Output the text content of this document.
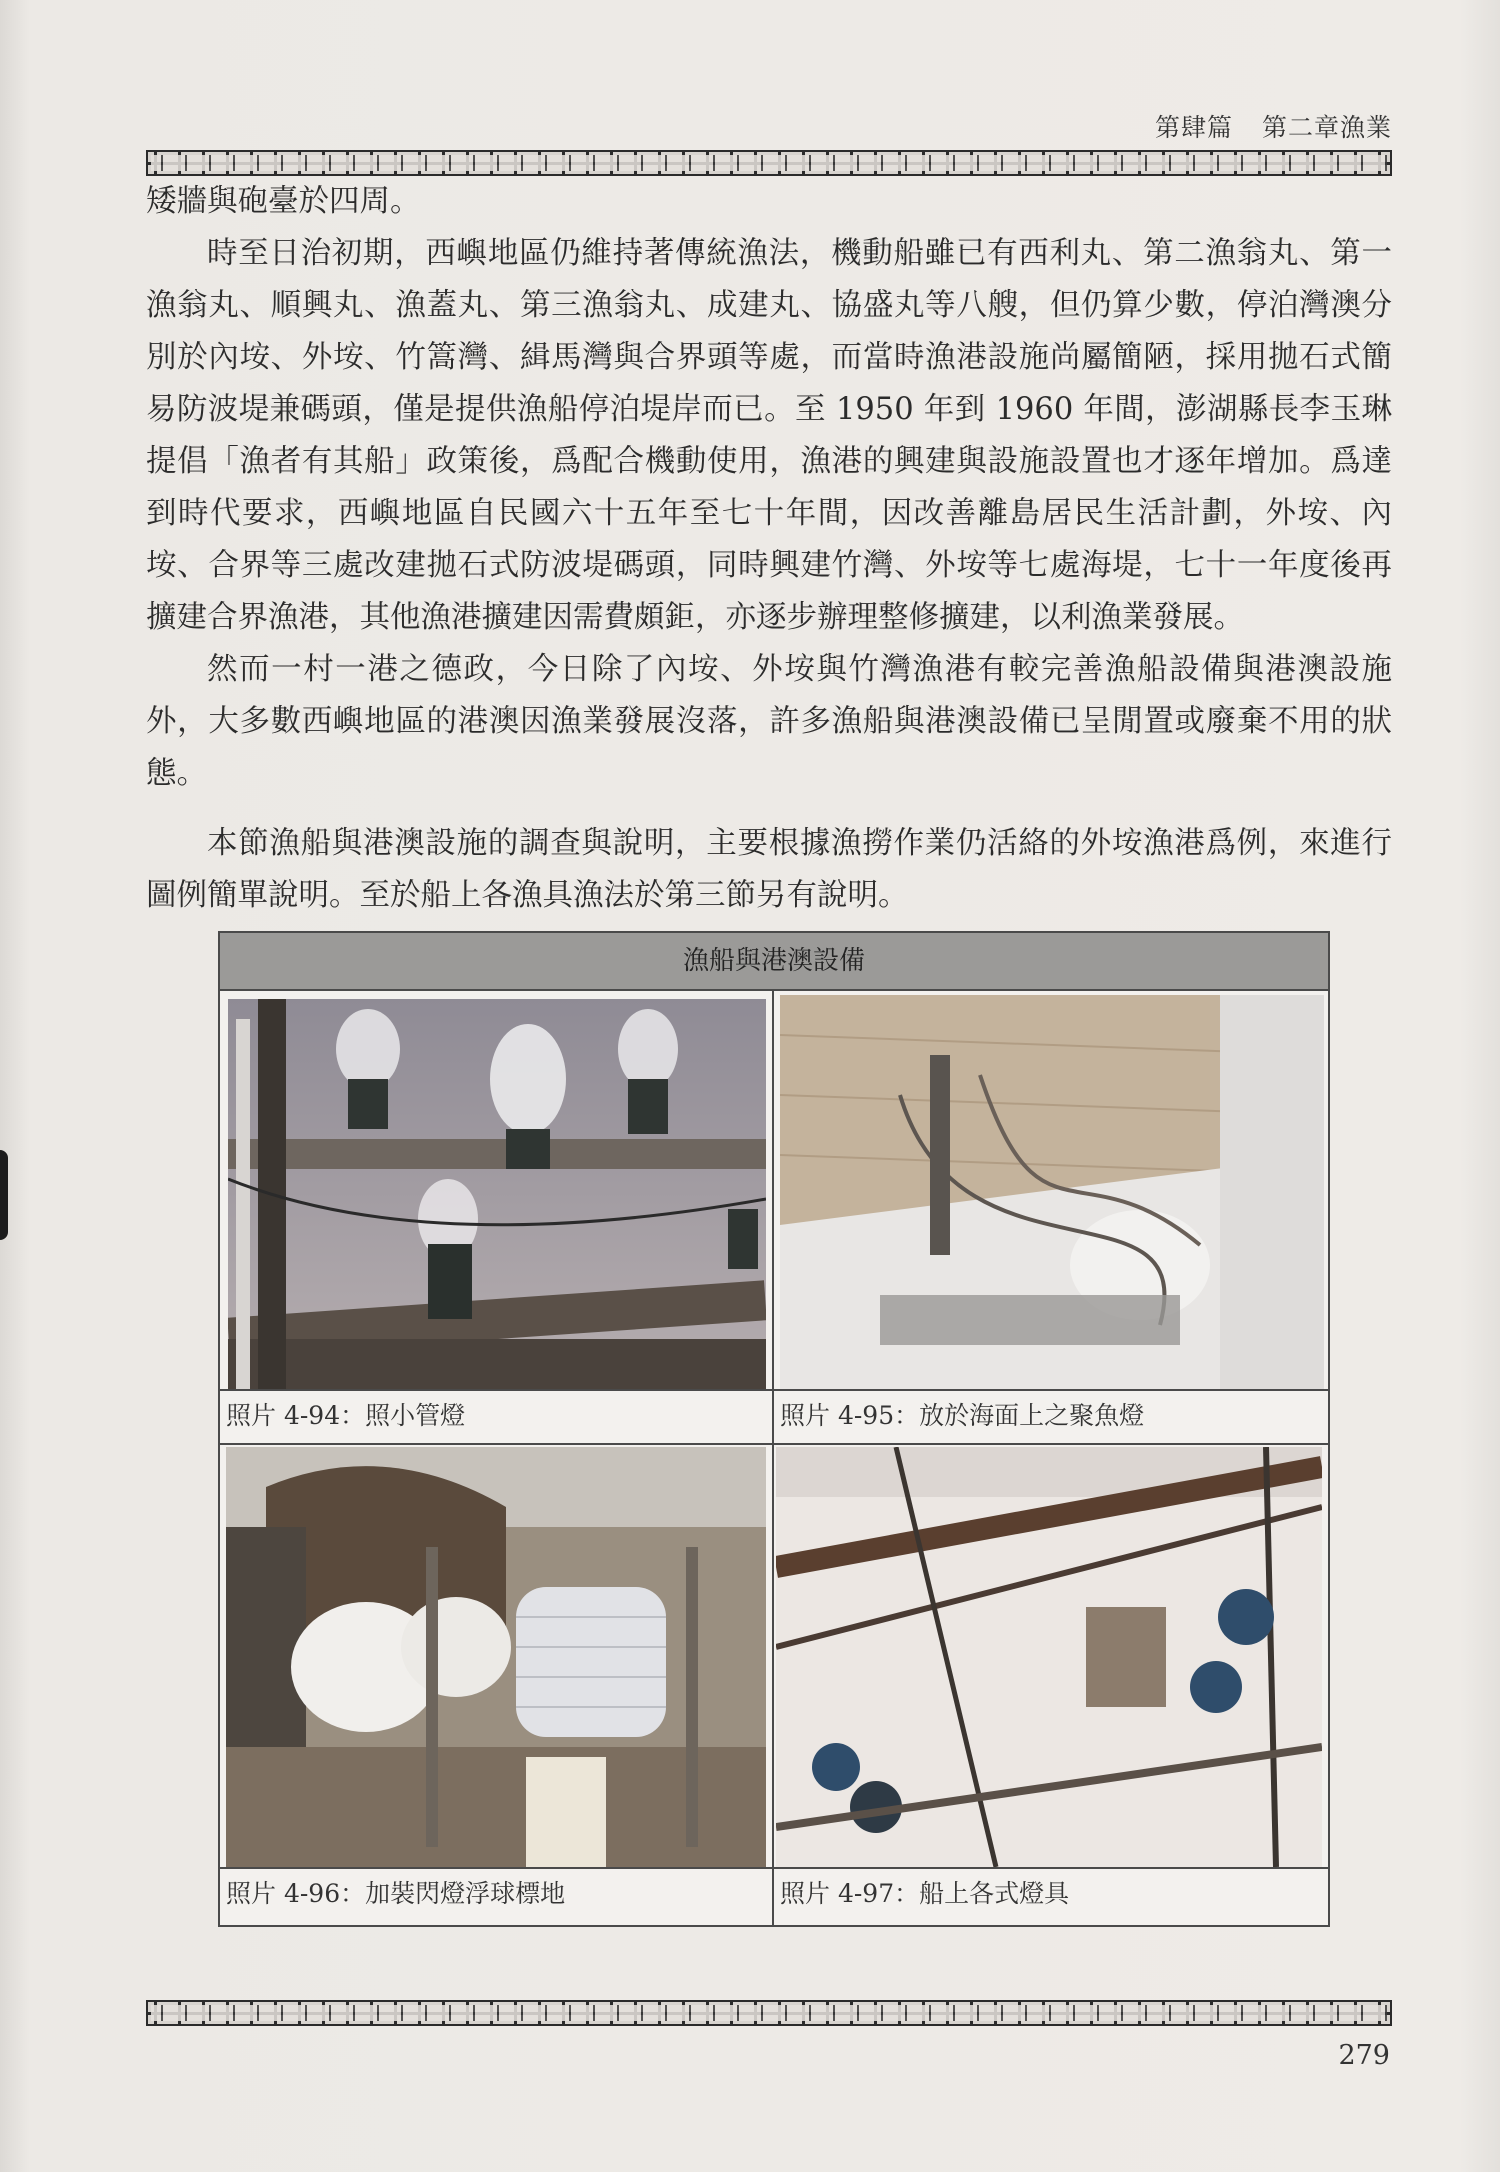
第肆篇 第二章漁業

矮牆與砲臺於四周。

時至日治初期，西嶼地區仍維持著傳統漁法，機動船雖已有西利丸、第二漁翁丸、第一漁翁丸、順興丸、漁蓋丸、第三漁翁丸、成建丸、協盛丸等八艘，但仍算少數，停泊灣澳分別於內垵、外垵、竹篙灣、緝馬灣與合界頭等處，而當時漁港設施尚屬簡陋，採用拋石式簡易防波堤兼碼頭，僅是提供漁船停泊堤岸而已。至 1950 年到 1960 年間，澎湖縣長李玉琳提倡「漁者有其船」政策後，爲配合機動使用，漁港的興建與設施設置也才逐年增加。爲達到時代要求，西嶼地區自民國六十五年至七十年間，因改善離島居民生活計劃，外垵、內垵、合界等三處改建拋石式防波堤碼頭，同時興建竹灣、外垵等七處海堤，七十一年度後再擴建合界漁港，其他漁港擴建因需費頗鉅，亦逐步辦理整修擴建，以利漁業發展。

然而一村一港之德政，今日除了內垵、外垵與竹灣漁港有較完善漁船設備與港澳設施外，大多數西嶼地區的港澳因漁業發展沒落，許多漁船與港澳設備已呈閒置或廢棄不用的狀態。

本節漁船與港澳設施的調查與說明，主要根據漁撈作業仍活絡的外垵漁港爲例，來進行圖例簡單說明。至於船上各漁具漁法於第三節另有說明。

漁船與港澳設備
照片 4-94：照小管燈	照片 4-95：放於海面上之聚魚燈
照片 4-96：加裝閃燈浮球標地	照片 4-97：船上各式燈具
279
